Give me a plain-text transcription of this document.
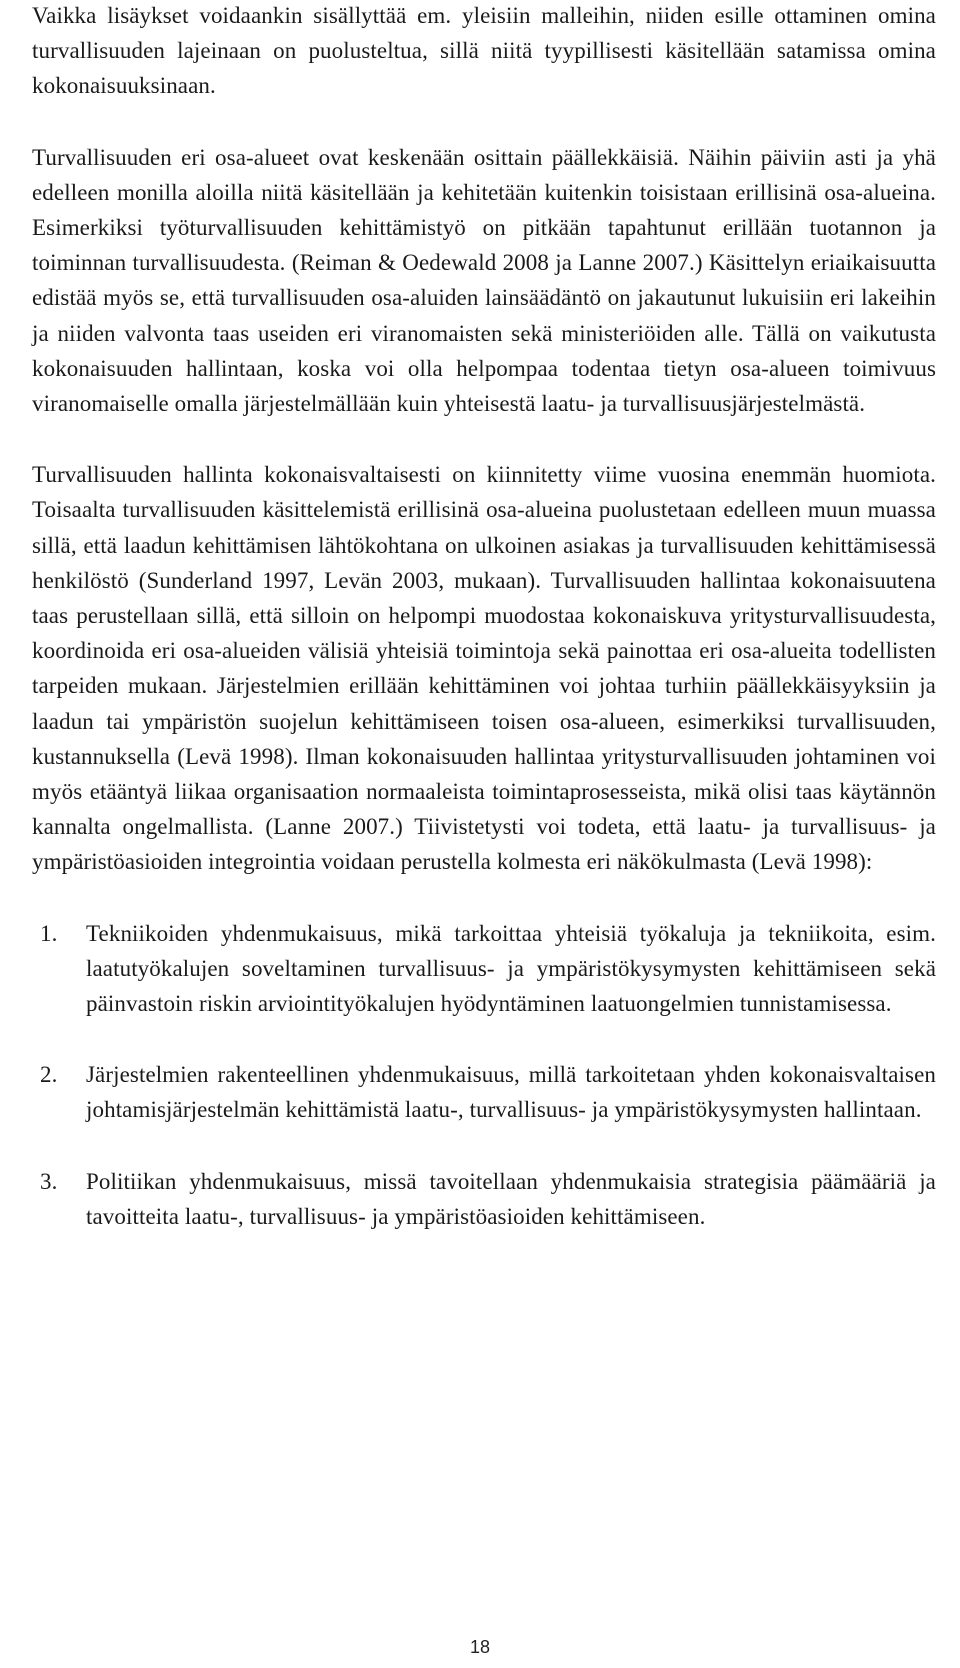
Vaikka lisäykset voidaankin sisällyttää em. yleisiin malleihin, niiden esille ottaminen omina turvallisuuden lajeinaan on puolusteltua, sillä niitä tyypillisesti käsitellään satamissa omina kokonaisuuksinaan.

Turvallisuuden eri osa-alueet ovat keskenään osittain päällekkäisiä. Näihin päiviin asti ja yhä edelleen monilla aloilla niitä käsitellään ja kehitetään kuitenkin toisistaan erillisinä osa-alueina. Esimerkiksi työturvallisuuden kehittämistyö on pitkään tapahtunut erillään tuotannon ja toiminnan turvallisuudesta. (Reiman & Oedewald 2008 ja Lanne 2007.) Käsittelyn eriaikaisuutta edistää myös se, että turvallisuuden osa-aluiden lainsäädäntö on jakautunut lukuisiin eri lakeihin ja niiden valvonta taas useiden eri viranomaisten sekä ministeriöiden alle. Tällä on vaikutusta kokonaisuuden hallintaan, koska voi olla helpompaa todentaa tietyn osa-alueen toimivuus viranomaiselle omalla järjestelmällään kuin yhteisestä laatu- ja turvallisuusjärjestelmästä.

Turvallisuuden hallinta kokonaisvaltaisesti on kiinnitetty viime vuosina enemmän huomiota. Toisaalta turvallisuuden käsittelemistä erillisinä osa-alueina puolustetaan edelleen muun muassa sillä, että laadun kehittämisen lähtökohtana on ulkoinen asiakas ja turvallisuuden kehittämisessä henkilöstö (Sunderland 1997, Levän 2003, mukaan). Turvallisuuden hallintaa kokonaisuutena taas perustellaan sillä, että silloin on helpompi muodostaa kokonaiskuva yritysturvallisuudesta, koordinoida eri osa-alueiden välisiä yhteisiä toimintoja sekä painottaa eri osa-alueita todellisten tarpeiden mukaan. Järjestelmien erillään kehittäminen voi johtaa turhiin päällekkäisyyksiin ja laadun tai ympäristön suojelun kehittämiseen toisen osa-alueen, esimerkiksi turvallisuuden, kustannuksella (Levä 1998). Ilman kokonaisuuden hallintaa yritysturvallisuuden johtaminen voi myös etääntyä liikaa organisaation normaaleista toimintaprosesseista, mikä olisi taas käytännön kannalta ongelmallista. (Lanne 2007.) Tiivistetysti voi todeta, että laatu- ja turvallisuus- ja ympäristöasioiden integrointia voidaan perustella kolmesta eri näkökulmasta (Levä 1998):

1. Tekniikoiden yhdenmukaisuus, mikä tarkoittaa yhteisiä työkaluja ja tekniikoita, esim. laatutyökalujen soveltaminen turvallisuus- ja ympäristökysymysten kehittämiseen sekä päinvastoin riskin arviointityökalujen hyödyntäminen laatuongelmien tunnistamisessa.
2. Järjestelmien rakenteellinen yhdenmukaisuus, millä tarkoitetaan yhden kokonaisvaltaisen johtamisjärjestelmän kehittämistä laatu-, turvallisuus- ja ympäristökysymysten hallintaan.
3. Politiikan yhdenmukaisuus, missä tavoitellaan yhdenmukaisia strategisia päämääriä ja tavoitteita laatu-, turvallisuus- ja ympäristöasioiden kehittämiseen.
18
